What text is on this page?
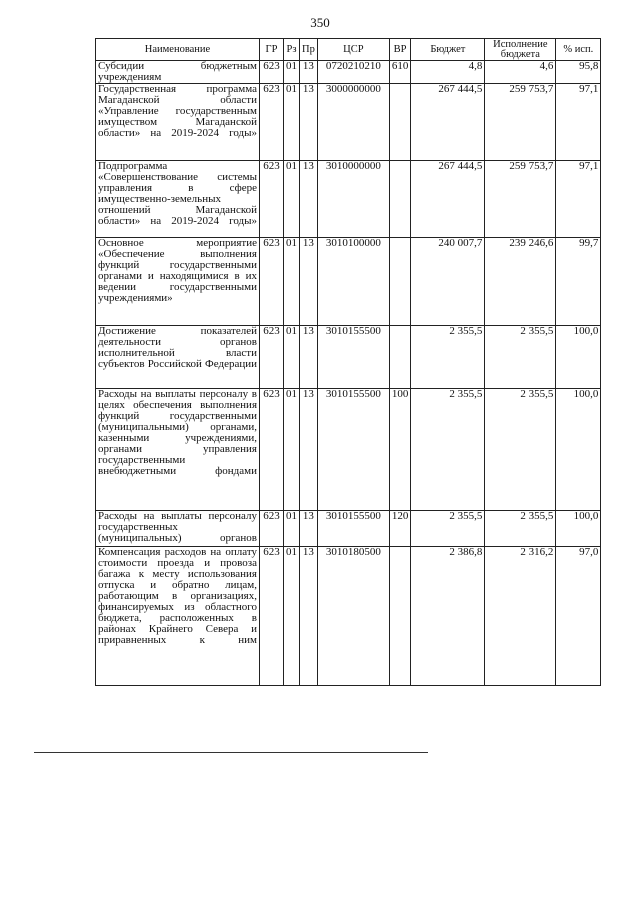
350
Наименование	ГР	Рз	Пр	ЦСР	ВР	Бюджет	Исполнение бюджета	% исп.
Субсидии бюджетным учреждениям	623	01	13	0720210210	610	4,8	4,6	95,8
Государственная программа Магаданской области «Управление государственным имуществом Магаданской области» на 2019-2024 годы»	623	01	13	3000000000		267 444,5	259 753,7	97,1
Подпрограмма «Совершенствование системы управления в сфере имущественно-земельных отношений Магаданской области» на 2019-2024 годы»	623	01	13	3010000000		267 444,5	259 753,7	97,1
Основное мероприятие «Обеспечение выполнения функций государственными органами и находящимися в их ведении государственными учреждениями»	623	01	13	3010100000		240 007,7	239 246,6	99,7
Достижение показателей деятельности органов исполнительной власти субъектов Российской Федерации	623	01	13	3010155500		2 355,5	2 355,5	100,0
Расходы на выплаты персоналу в целях обеспечения выполнения функций государственными (муниципальными) органами, казенными учреждениями, органами управления государственными внебюджетными фондами	623	01	13	3010155500	100	2 355,5	2 355,5	100,0
Расходы на выплаты персоналу государственных (муниципальных) органов	623	01	13	3010155500	120	2 355,5	2 355,5	100,0
Компенсация расходов на оплату стоимости проезда и провоза багажа к месту использования отпуска и обратно лицам, работающим в организациях, финансируемых из областного бюджета, расположенных в районах Крайнего Севера и приравненных к ним	623	01	13	3010180500		2 386,8	2 316,2	97,0
